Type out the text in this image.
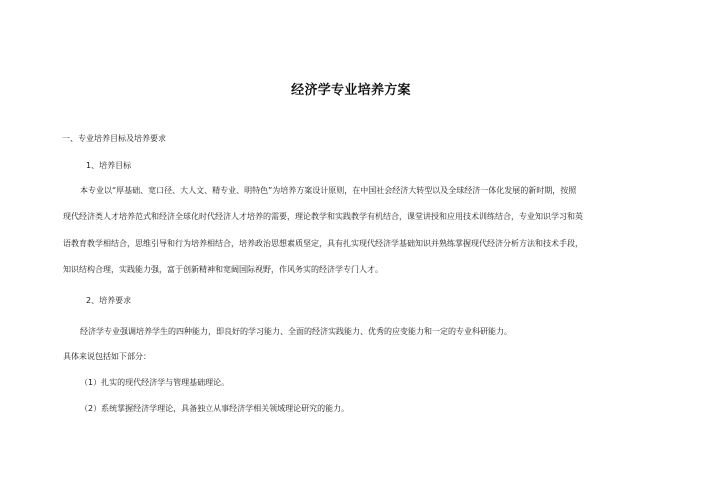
经济学专业培养方案
一、专业培养目标及培养要求
1、培养目标
本专业以“厚基础、宽口径、大人文、精专业、明特色”为培养方案设计原则，在中国社会经济大转型以及全球经济一体化发展的新时期，按照
现代经济类人才培养范式和经济全球化时代经济人才培养的需要，理论教学和实践教学有机结合，课堂讲授和应用技术训练结合，专业知识学习和英
语教育教学相结合，思维引导和行为培养相结合，培养政治思想素质坚定，具有扎实现代经济学基础知识并熟练掌握现代经济分析方法和技术手段，
知识结构合理，实践能力强，富于创新精神和宽阔国际视野，作风务实的经济学专门人才。
2、培养要求
经济学专业强调培养学生的四种能力，即良好的学习能力、全面的经济实践能力、优秀的应变能力和一定的专业科研能力。
具体来说包括如下部分：
（1）扎实的现代经济学与管理基础理论。
（2）系统掌握经济学理论，具备独立从事经济学相关领域理论研究的能力。
